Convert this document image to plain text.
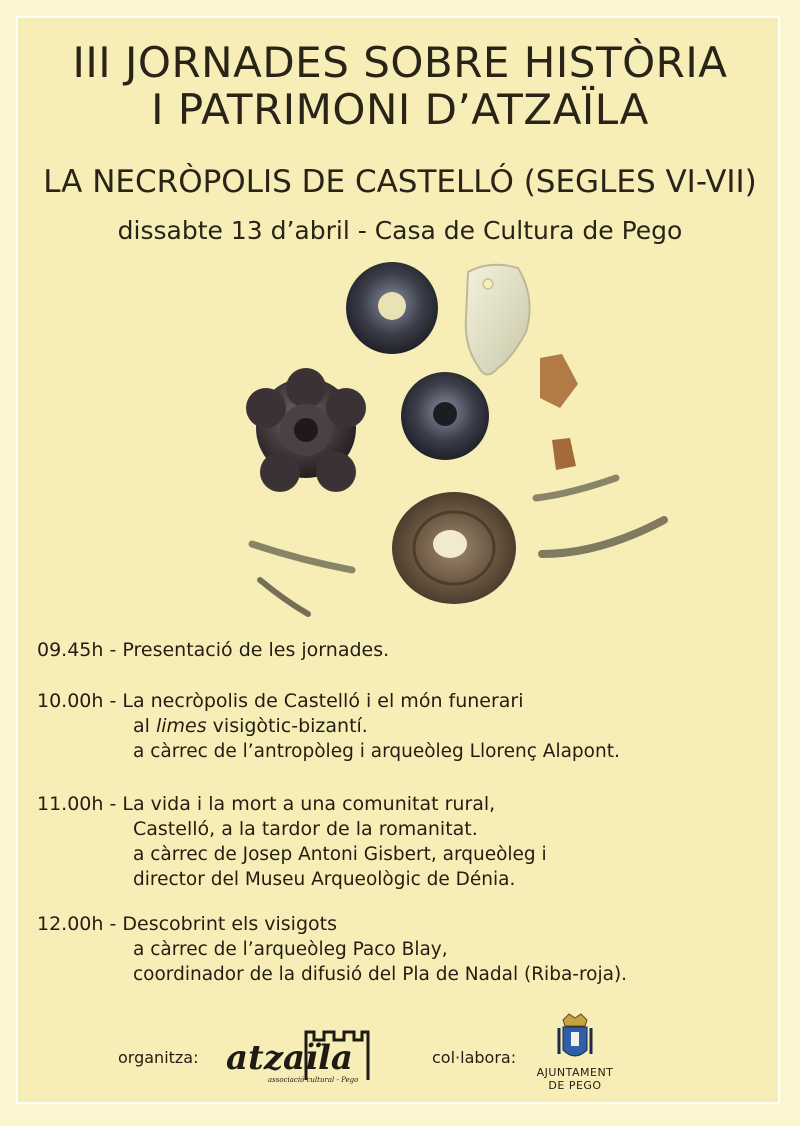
III JORNADES SOBRE HISTÒRIA
I PATRIMONI D’ATZAÏLA
LA NECRÒPOLIS DE CASTELLÓ (SEGLES VI-VII)
dissabte 13 d’abril - Casa de Cultura de Pego
09.45h - Presentació de les jornades.
10.00h - La necròpolis de Castelló i el món funerari
al limes visigòtic-bizantí.
a càrrec de l’antropòleg i arqueòleg Llorenç Alapont.
11.00h - La vida i la mort a una comunitat rural,
Castelló, a la tardor de la romanitat.
a càrrec de Josep Antoni Gisbert, arqueòleg i
director del Museu Arqueològic de Dénia.
12.00h - Descobrint els visigots
a càrrec de l’arqueòleg Paco Blay,
coordinador de la difusió del Pla de Nadal (Riba-roja).
organitza: atzaïla
associació cultural - Pego
col·labora:
AJUNTAMENT
DE PEGO
